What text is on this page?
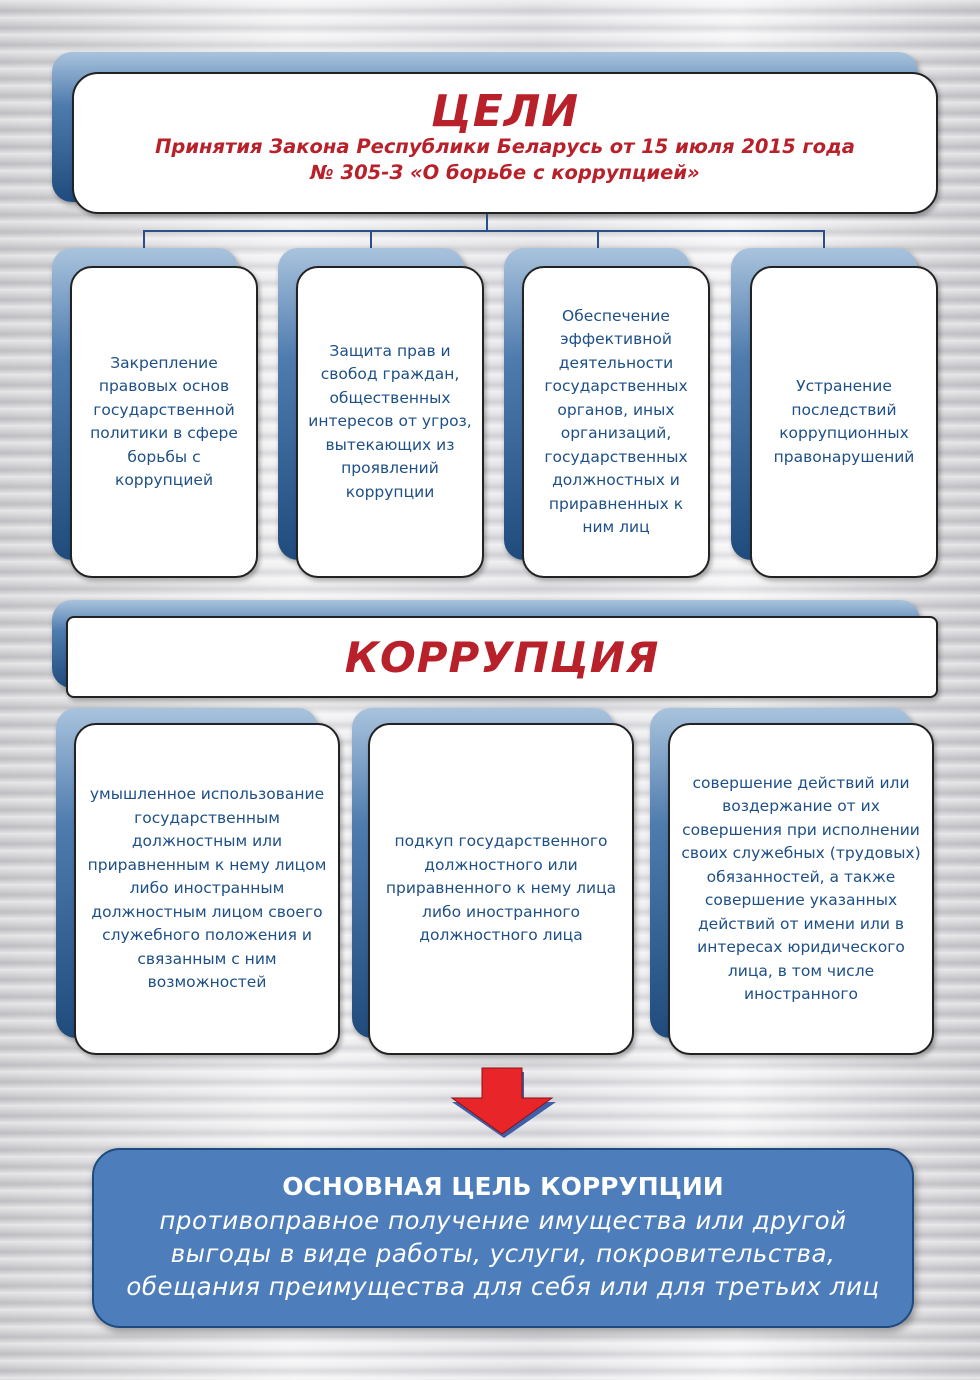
ЦЕЛИ
Принятия Закона Республики Беларусь от 15 июля 2015 года
№ 305-З «О борьбе с коррупцией»
Закрепление правовых основ государственной политики в сфере борьбы с коррупцией
Защита прав и свобод граждан, общественных интересов от угроз, вытекающих из проявлений коррупции
Обеспечение эффективной деятельности государственных органов, иных организаций, государственных должностных и приравненных к ним лиц
Устранение последствий коррупционных правонарушений
КОРРУПЦИЯ
умышленное использование государственным должностным или приравненным к нему лицом либо иностранным должностным лицом своего служебного положения и связанным с ним возможностей
подкуп государственного должностного или приравненного к нему лица либо иностранного должностного лица
совершение действий или воздержание от их совершения при исполнении своих служебных (трудовых) обязанностей, а также совершение указанных действий от имени или в интересах юридического лица, в том числе иностранного
ОСНОВНАЯ ЦЕЛЬ КОРРУПЦИИ
противоправное получение имущества или другой
выгоды в виде работы, услуги, покровительства,
обещания преимущества для себя или для третьих лиц
